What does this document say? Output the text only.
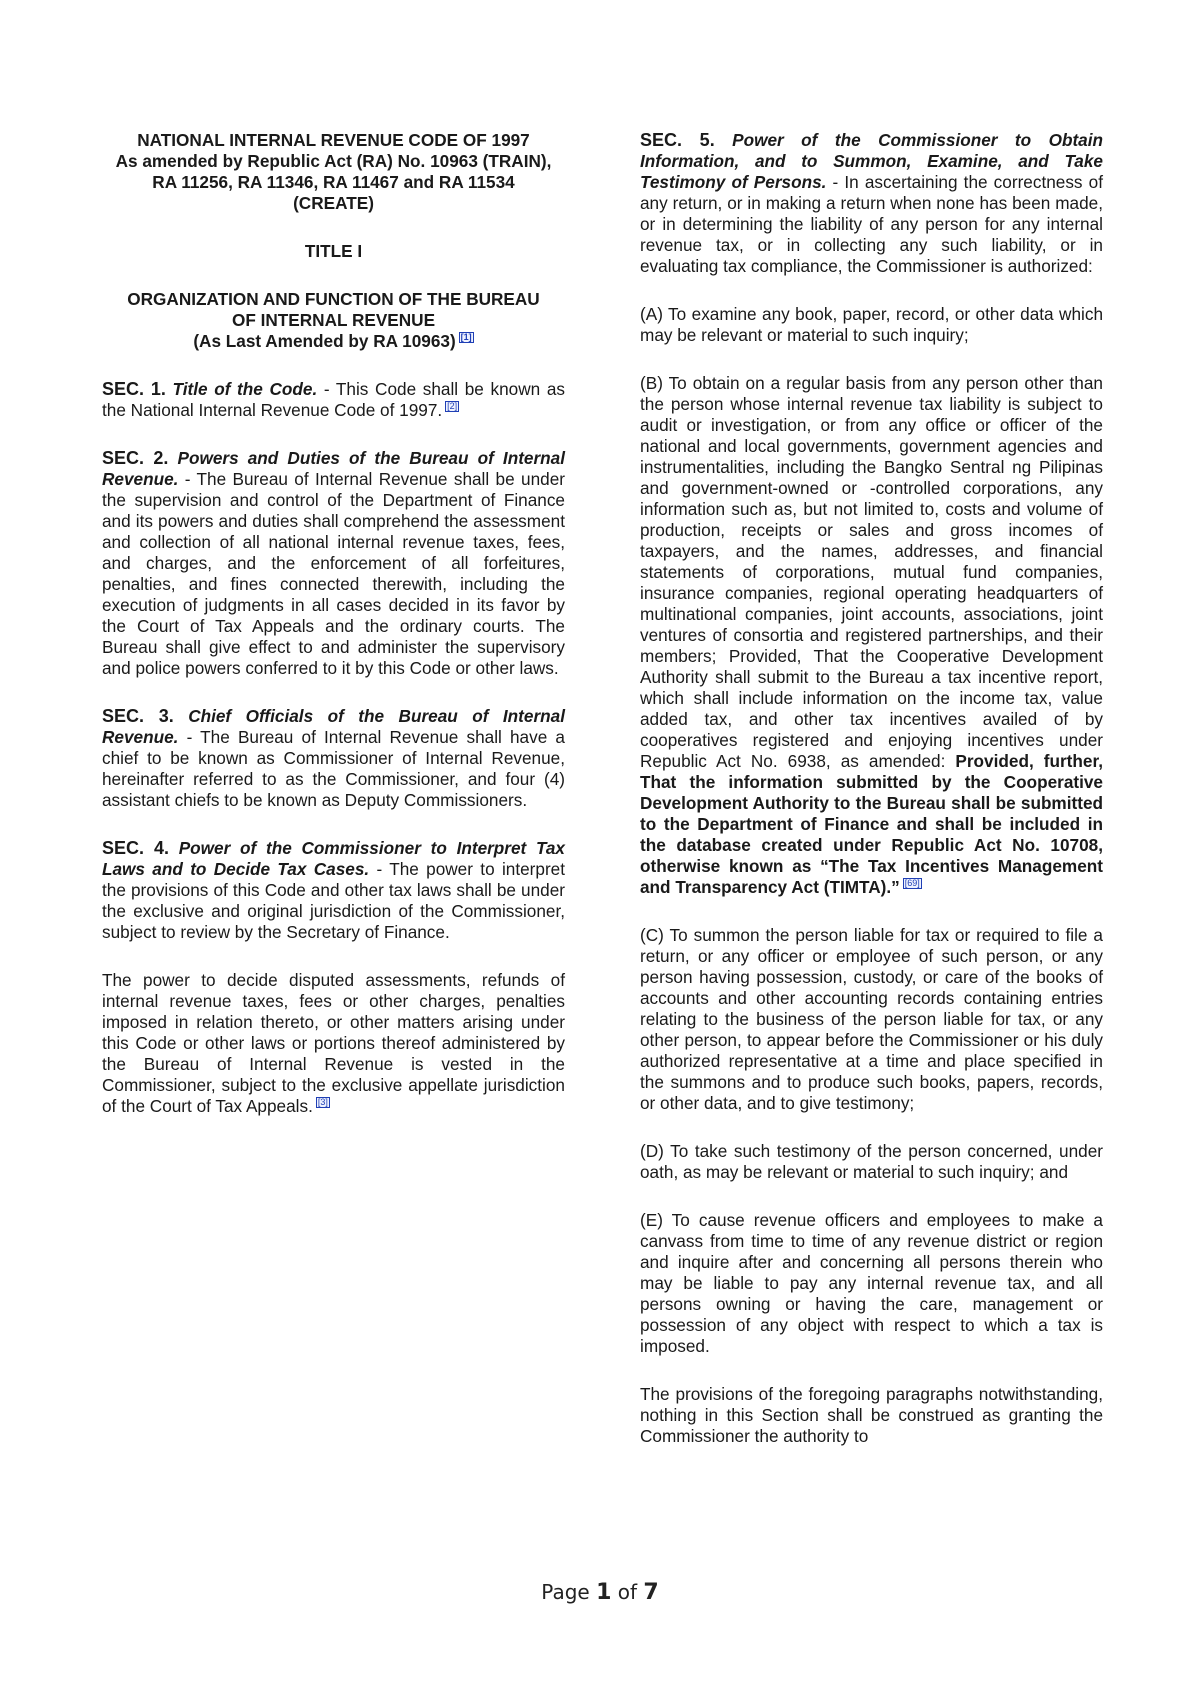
NATIONAL INTERNAL REVENUE CODE OF 1997
As amended by Republic Act (RA) No. 10963 (TRAIN),
RA 11256, RA 11346, RA 11467 and RA 11534
(CREATE)
TITLE I
ORGANIZATION AND FUNCTION OF THE BUREAU
OF INTERNAL REVENUE
(As Last Amended by RA 10963) [1]

SEC. 1. Title of the Code. - This Code shall be known as the National Internal Revenue Code of 1997. [2]

SEC. 2. Powers and Duties of the Bureau of Internal Revenue. - The Bureau of Internal Revenue shall be under the supervision and control of the Department of Finance and its powers and duties shall comprehend the assessment and collection of all national internal revenue taxes, fees, and charges, and the enforcement of all forfeitures, penalties, and fines connected therewith, including the execution of judgments in all cases decided in its favor by the Court of Tax Appeals and the ordinary courts. The Bureau shall give effect to and administer the supervisory and police powers conferred to it by this Code or other laws.

SEC. 3. Chief Officials of the Bureau of Internal Revenue. - The Bureau of Internal Revenue shall have a chief to be known as Commissioner of Internal Revenue, hereinafter referred to as the Commissioner, and four (4) assistant chiefs to be known as Deputy Commissioners.

SEC. 4. Power of the Commissioner to Interpret Tax Laws and to Decide Tax Cases. - The power to interpret the provisions of this Code and other tax laws shall be under the exclusive and original jurisdiction of the Commissioner, subject to review by the Secretary of Finance.

The power to decide disputed assessments, refunds of internal revenue taxes, fees or other charges, penalties imposed in relation thereto, or other matters arising under this Code or other laws or portions thereof administered by the Bureau of Internal Revenue is vested in the Commissioner, subject to the exclusive appellate jurisdiction of the Court of Tax Appeals. [3]

SEC. 5. Power of the Commissioner to Obtain Information, and to Summon, Examine, and Take Testimony of Persons. - In ascertaining the correctness of any return, or in making a return when none has been made, or in determining the liability of any person for any internal revenue tax, or in collecting any such liability, or in evaluating tax compliance, the Commissioner is authorized:

(A) To examine any book, paper, record, or other data which may be relevant or material to such inquiry;

(B) To obtain on a regular basis from any person other than the person whose internal revenue tax liability is subject to audit or investigation, or from any office or officer of the national and local governments, government agencies and instrumentalities, including the Bangko Sentral ng Pilipinas and government-owned or -controlled corporations, any information such as, but not limited to, costs and volume of production, receipts or sales and gross incomes of taxpayers, and the names, addresses, and financial statements of corporations, mutual fund companies, insurance companies, regional operating headquarters of multinational companies, joint accounts, associations, joint ventures of consortia and registered partnerships, and their members; Provided, That the Cooperative Development Authority shall submit to the Bureau a tax incentive report, which shall include information on the income tax, value added tax, and other tax incentives availed of by cooperatives registered and enjoying incentives under Republic Act No. 6938, as amended: Provided, further, That the information submitted by the Cooperative Development Authority to the Bureau shall be submitted to the Department of Finance and shall be included in the database created under Republic Act No. 10708, otherwise known as “The Tax Incentives Management and Transparency Act (TIMTA).” [69]

(C) To summon the person liable for tax or required to file a return, or any officer or employee of such person, or any person having possession, custody, or care of the books of accounts and other accounting records containing entries relating to the business of the person liable for tax, or any other person, to appear before the Commissioner or his duly authorized representative at a time and place specified in the summons and to produce such books, papers, records, or other data, and to give testimony;

(D) To take such testimony of the person concerned, under oath, as may be relevant or material to such inquiry; and

(E) To cause revenue officers and employees to make a canvass from time to time of any revenue district or region and inquire after and concerning all persons therein who may be liable to pay any internal revenue tax, and all persons owning or having the care, management or possession of any object with respect to which a tax is imposed.

The provisions of the foregoing paragraphs notwithstanding, nothing in this Section shall be construed as granting the Commissioner the authority to

Page 1 of 7
